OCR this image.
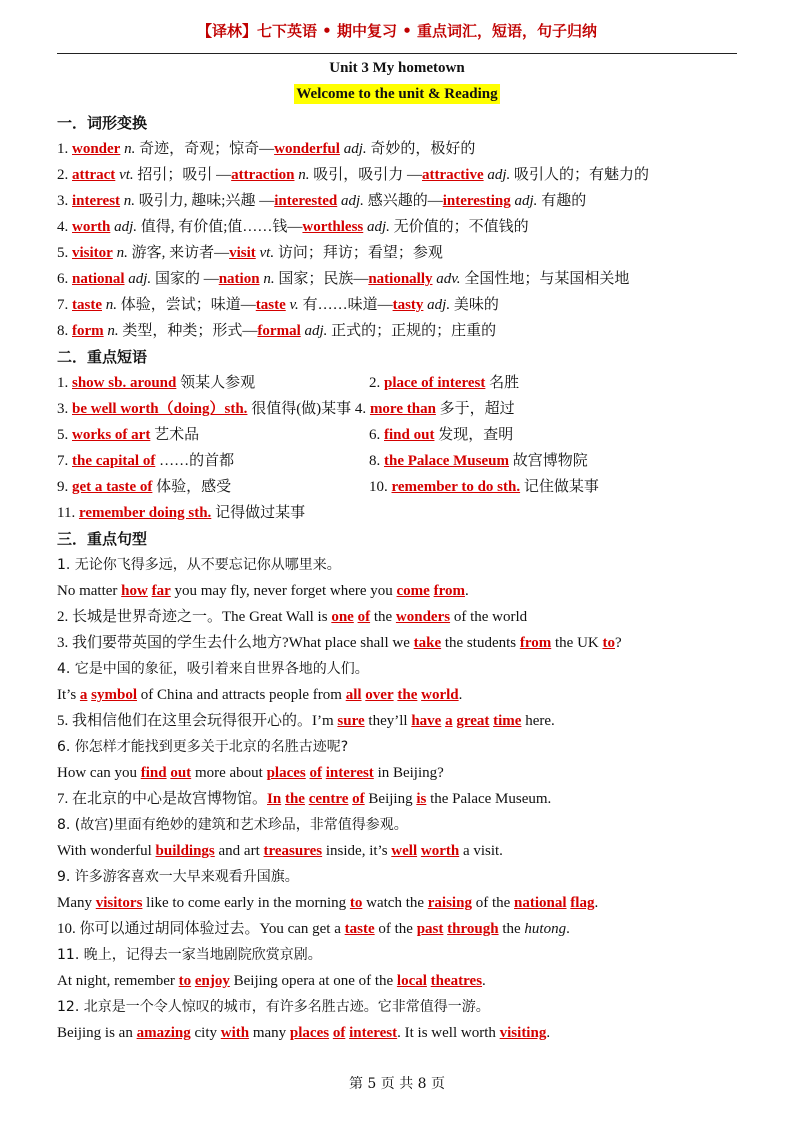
【译林】七下英语 • 期中复习 • 重点词汇，短语，句子归纳
Unit 3 My hometown
Welcome to the unit & Reading
一．词形变换
1. wonder n. 奇迹，奇观；惊奇—wonderful adj. 奇妙的，极好的
2. attract vt. 招引；吸引 —attraction n. 吸引，吸引力 —attractive adj. 吸引人的；有魅力的
3. interest n. 吸引力, 趣味;兴趣 —interested adj. 感兴趣的—interesting adj. 有趣的
4. worth adj. 值得, 有价值;值……钱—worthless adj. 无价值的；不值钱的
5. visitor n. 游客, 来访者—visit vt. 访问；拜访；看望；参观
6. national adj. 国家的 —nation n. 国家；民族—nationally adv. 全国性地；与某国相关地
7. taste n. 体验，尝试；味道—taste v. 有……味道—tasty adj. 美味的
8. form n. 类型，种类；形式—formal adj. 正式的；正规的；庄重的
二．重点短语
1. show sb. around 领某人参观	2. place of interest 名胜
3. be well worth（doing）sth. 很值得(做)某事 4. more than 多于，超过
5. works of art 艺术品	6. find out 发现，查明
7. the capital of ……的首都	8. the Palace Museum 故宫博物院
9. get a taste of 体验，感受	10. remember to do sth. 记住做某事
11. remember doing sth. 记得做过某事
三．重点句型
1. 无论你飞得多远，从不要忘记你从哪里来。
No matter how far you may fly, never forget where you come from.
2. 长城是世界奇迹之一。The Great Wall is one of the wonders of the world
3. 我们要带英国的学生去什么地方?What place shall we take the students from the UK to?
4. 它是中国的象征，吸引着来自世界各地的人们。
It’s a symbol of China and attracts people from all over the world.
5. 我相信他们在这里会玩得很开心的。I’m sure they’ll have a great time here.
6. 你怎样才能找到更多关于北京的名胜古迹呢?
How can you find out more about places of interest in Beijing?
7. 在北京的中心是故宫博物馆。In the centre of Beijing is the Palace Museum.
8. (故宫)里面有绝妙的建筑和艺术珍品，非常值得参观。
With wonderful buildings and art treasures inside, it’s well worth a visit.
9. 许多游客喜欢一大早来观看升国旗。
Many visitors like to come early in the morning to watch the raising of the national flag.
10. 你可以通过胡同体验过去。You can get a taste of the past through the hutong.
11. 晚上，记得去一家当地剧院欣赏京剧。
At night, remember to enjoy Beijing opera at one of the local theatres.
12. 北京是一个令人惊叹的城市，有许多名胜古迹。它非常值得一游。
Beijing is an amazing city with many places of interest. It is well worth visiting.
第 5 页 共 8 页
